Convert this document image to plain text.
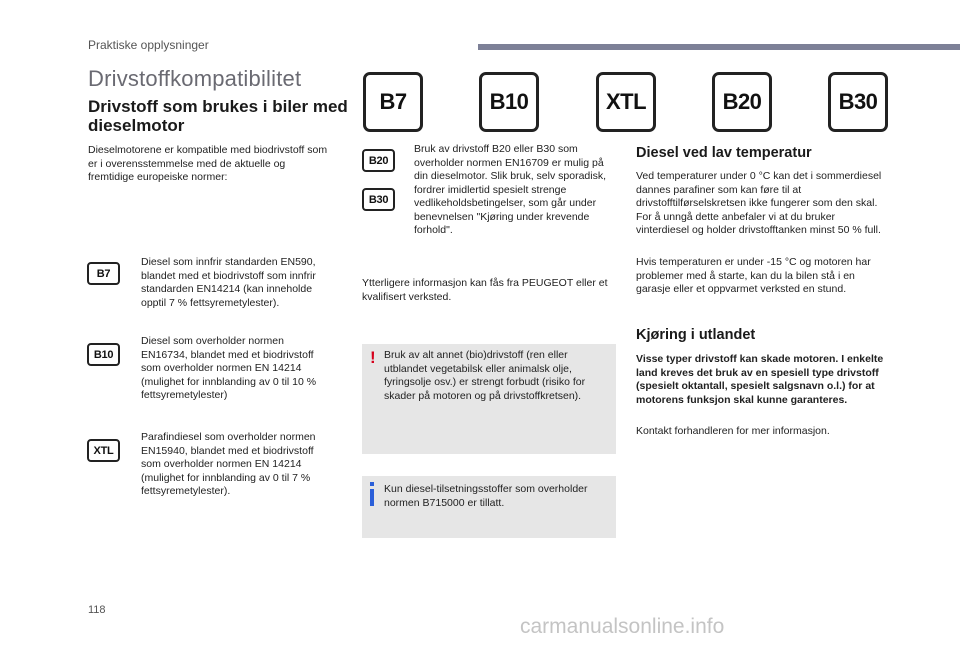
Praktiske opplysninger
Drivstoffkompatibilitet
Drivstoff som brukes i biler med dieselmotor
Dieselmotorene er kompatible med biodrivstoff som er i overensstemmelse med de aktuelle og fremtidige europeiske normer:
B7
Diesel som innfrir standarden EN590, blandet med et biodrivstoff som innfrir standarden EN14214 (kan inneholde opptil 7 % fettsyremetylester).
B10
Diesel som overholder normen EN16734, blandet med et biodrivstoff som overholder normen EN 14214 (mulighet for innblanding av 0 til 10 % fettsyremetylester)
XTL
Parafindiesel som overholder normen EN15940, blandet med et biodrivstoff som overholder normen EN 14214 (mulighet for innblanding av 0 til 7 % fettsyremetylester).
B7	B10	XTL	B20	B30
B20
B30
Bruk av drivstoff B20 eller B30 som overholder normen EN16709 er mulig på din dieselmotor. Slik bruk, selv sporadisk, fordrer imidlertid spesielt strenge vedlikeholdsbetingelser, som går under benevnelsen "Kjøring under krevende forhold".
Ytterligere informasjon kan fås fra PEUGEOT eller et kvalifisert verksted.
! Bruk av alt annet (bio)drivstoff (ren eller utblandet vegetabilsk eller animalsk olje, fyringsolje osv.) er strengt forbudt (risiko for skader på motoren og på drivstoffkretsen).
Kun diesel-tilsetningsstoffer som overholder normen B715000 er tillatt.
Diesel ved lav temperatur
Ved temperaturer under 0 °C kan det i sommerdiesel dannes parafiner som kan føre til at drivstofftilførselskretsen ikke fungerer som den skal. For å unngå dette anbefaler vi at du bruker vinterdiesel og holder drivstofftanken minst 50 % full.
Hvis temperaturen er under -15 °C og motoren har problemer med å starte, kan du la bilen stå i en garasje eller et oppvarmet verksted en stund.
Kjøring i utlandet
Visse typer drivstoff kan skade motoren. I enkelte land kreves det bruk av en spesiell type drivstoff (spesielt oktantall, spesielt salgsnavn o.l.) for at motorens funksjon skal kunne garanteres.
Kontakt forhandleren for mer informasjon.
118
carmanualsonline.info
